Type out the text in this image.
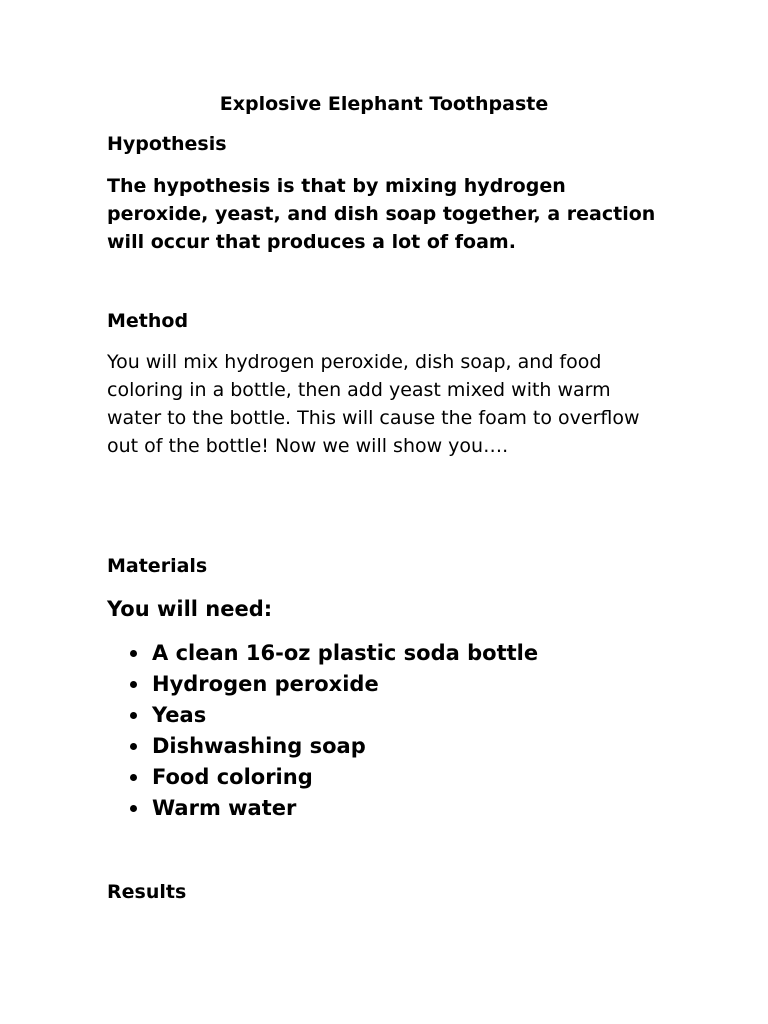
Explosive Elephant Toothpaste
Hypothesis

The hypothesis is that by mixing hydrogen peroxide, yeast, and dish soap together, a reaction will occur that produces a lot of foam.

Method

You will mix hydrogen peroxide, dish soap, and food coloring in a bottle, then add yeast mixed with warm water to the bottle. This will cause the foam to overflow out of the bottle! Now we will show you….

Materials

You will need:

A clean 16-oz plastic soda bottle
Hydrogen peroxide
Yeas
Dishwashing soap
Food coloring
Warm water
Results
